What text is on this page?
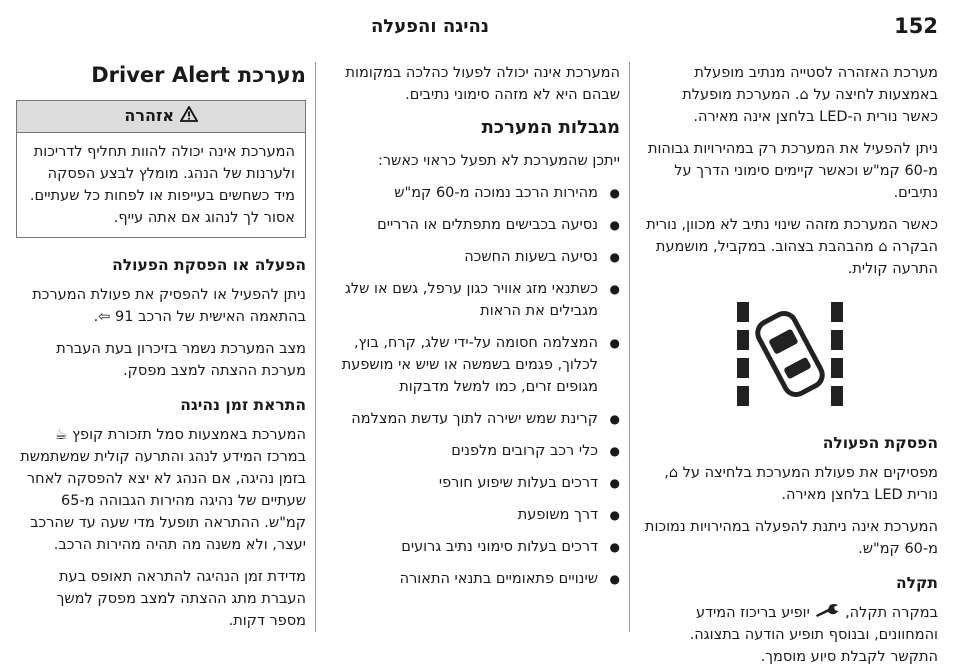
152
נהיגה והפעלה

מערכת האזהרה לסטייה מנתיב מופעלת באמצעות לחיצה על ⌂. המערכת מופעלת כאשר נורית ה-LED בלחצן אינה מאירה.

ניתן להפעיל את המערכת רק במהירויות גבוהות מ-60 קמ"ש וכאשר קיימים סימוני הדרך על נתיבים.

כאשר המערכת מזהה שינוי נתיב לא מכוון, נורית הבקרה ⌂ מהבהבת בצהוב. במקביל, מושמעת התרעה קולית.

הפסקת הפעולה

מפסיקים את פעולת המערכת בלחיצה על ⌂, נורית LED בלחצן מאירה.

המערכת אינה ניתנת להפעלה במהירויות נמוכות מ-60 קמ"ש.

תקלה

במקרה תקלה,  יופיע בריכוז המידע והמחוונים, ובנוסף תופיע הודעה בתצוגה. התקשר לקבלת סיוע מוסמך.

המערכת אינה יכולה לפעול כהלכה במקומות שבהם היא לא מזהה סימוני נתיבים.

מגבלות המערכת

ייתכן שהמערכת לא תפעל כראוי כאשר:

● מהירות הרכב נמוכה מ-60 קמ"ש
● נסיעה בכבישים מתפתלים או הרריים
● נסיעה בשעות החשכה
● כשתנאי מזג אוויר כגון ערפל, גשם או שלג מגבילים את הראות
● המצלמה חסומה על-ידי שלג, קרח, בוץ, לכלוך, פגמים בשמשה או שיש אי מושפעת מגופים זרים, כמו למשל מדבקות
● קרינת שמש ישירה לתוך עדשת המצלמה
● כלי רכב קרובים מלפנים
● דרכים בעלות שיפוע חורפי
● דרך משופעת
● דרכים בעלות סימוני נתיב גרועים
● שינויים פתאומיים בתנאי התאורה
מערכת
Driver Alert
אזהרה
המערכת אינה יכולה להוות תחליף לדריכות ולערנות של הנהג. מומלץ לבצע הפסקה מיד כשחשים בעייפות או לפחות כל שעתיים. אסור לך לנהוג אם אתה עייף.
הפעלה או הפסקת הפעולה

ניתן להפעיל או להפסיק את פעולת המערכת בהתאמה האישית של הרכב 91 ⇦.

מצב המערכת נשמר בזיכרון בעת העברת מערכת ההצתה למצב מפסק.

התראת זמן נהיגה

המערכת באמצעות סמל תזכורת קופץ ☕ במרכז המידע לנהג והתרעה קולית שמשתמשת בזמן נהיגה, אם הנהג לא יצא להפסקה לאחר שעתיים של נהיגה מהירות הגבוהה מ-65 קמ"ש. ההתראה תופעל מדי שעה עד שהרכב יעצר, ולא משנה מה תהיה מהירות הרכב.

מדידת זמן הנהיגה להתראה תאופס בעת העברת מתג ההצתה למצב מפסק למשך מספר דקות.
